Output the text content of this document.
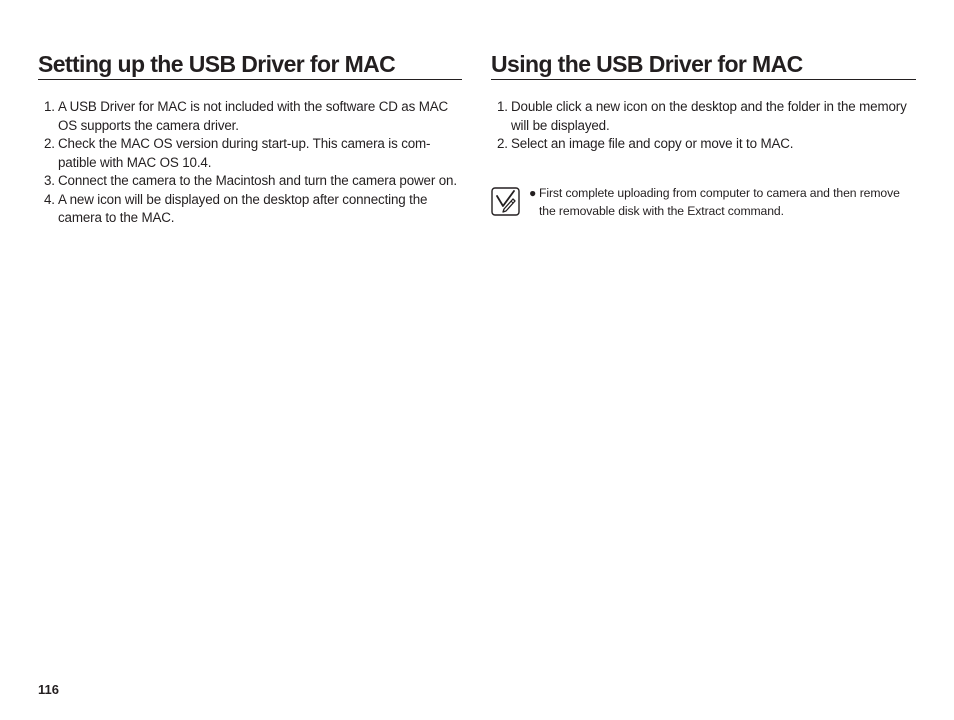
Setting up the USB Driver for MAC
1. A USB Driver for MAC is not included with the software CD as MAC OS supports the camera driver.
2. Check the MAC OS version during start-up. This camera is com-patible with MAC OS 10.4.
3. Connect the camera to the Macintosh and turn the camera power on.
4. A new icon will be displayed on the desktop after connecting the camera to the MAC.
Using the USB Driver for MAC
1. Double click a new icon on the desktop and the folder in the memory will be displayed.
2. Select an image file and copy or move it to MAC.
● First complete uploading from computer to camera and then remove the removable disk with the Extract command.
116
